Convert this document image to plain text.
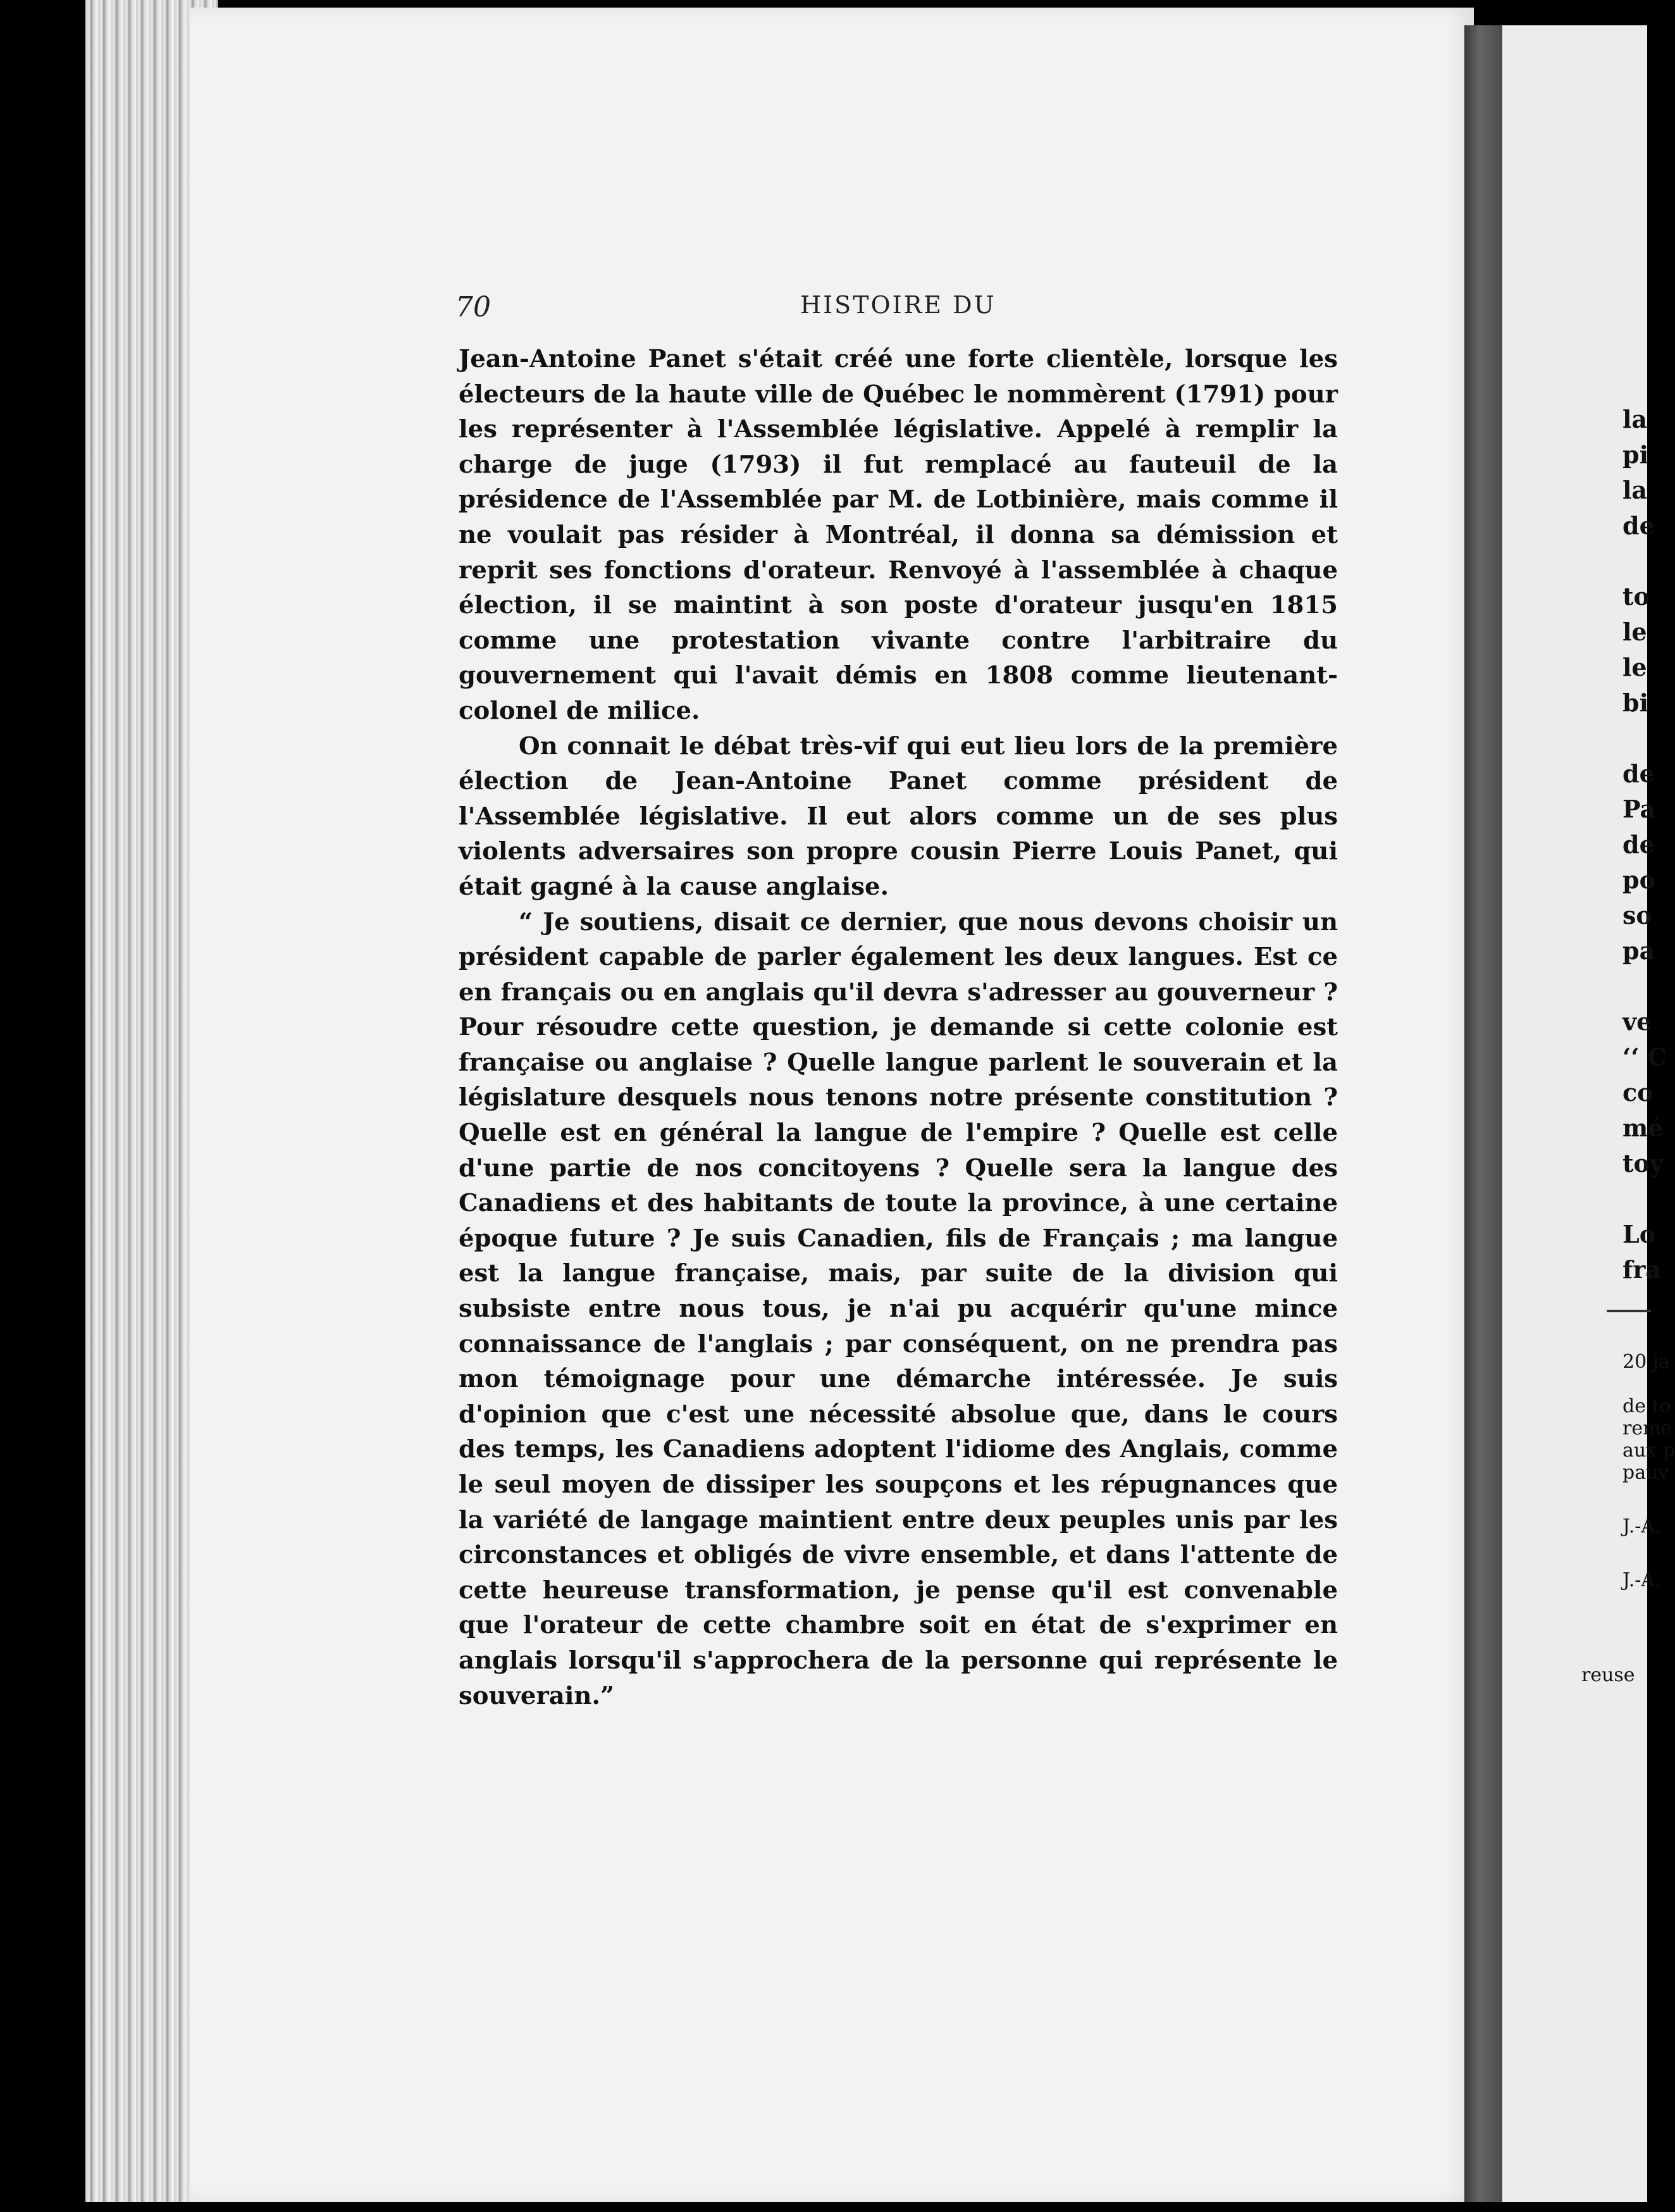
70	HISTOIRE DU

Jean-Antoine Panet s'était créé une forte clientèle, lorsque les électeurs de la haute ville de Québec le nommèrent (1791) pour les représenter à l'Assemblée législative. Appelé à remplir la charge de juge (1793) il fut remplacé au fauteuil de la présidence de l'Assemblée par M. de Lotbinière, mais comme il ne voulait pas résider à Montréal, il donna sa démission et reprit ses fonctions d'orateur. Renvoyé à l'assemblée à chaque élection, il se maintint à son poste d'orateur jusqu'en 1815 comme une protestation vivante contre l'arbitraire du gouvernement qui l'avait démis en 1808 comme lieutenant-colonel de milice.

On connait le débat très-vif qui eut lieu lors de la première élection de Jean-Antoine Panet comme président de l'Assemblée législative. Il eut alors comme un de ses plus violents adversaires son propre cousin Pierre Louis Panet, qui était gagné à la cause anglaise.

“ Je soutiens, disait ce dernier, que nous devons choisir un président capable de parler également les deux langues. Est ce en français ou en anglais qu'il devra s'adresser au gouverneur ? Pour résoudre cette question, je demande si cette colonie est française ou anglaise ? Quelle langue parlent le souverain et la législature desquels nous tenons notre présente constitution ? Quelle est en général la langue de l'empire ? Quelle est celle d'une partie de nos concitoyens ? Quelle sera la langue des Canadiens et des habitants de toute la province, à une certaine époque future ? Je suis Canadien, fils de Français ; ma langue est la langue française, mais, par suite de la division qui subsiste entre nous tous, je n'ai pu acquérir qu'une mince connaissance de l'anglais ; par conséquent, on ne prendra pas mon témoignage pour une démarche intéressée. Je suis d'opinion que c'est une nécessité absolue que, dans le cours des temps, les Canadiens adoptent l'idiome des Anglais, comme le seul moyen de dissiper les soupçons et les répugnances que la variété de langage maintient entre deux peuples unis par les circonstances et obligés de vivre ensemble, et dans l'attente de cette heureuse transformation, je pense qu'il est convenable que l'orateur de cette chambre soit en état de s'exprimer en anglais lorsqu'il s'approchera de la personne qui représente le souverain.”

la
pi
la
de
to
le
le
bi
de
Pa
de
po
so
pa
ve
‘‘ C
co
mé
toy
Lo
fra
20 ja
de to
reme
aux p
pauv
J.-A.
J.-A.
reuse
